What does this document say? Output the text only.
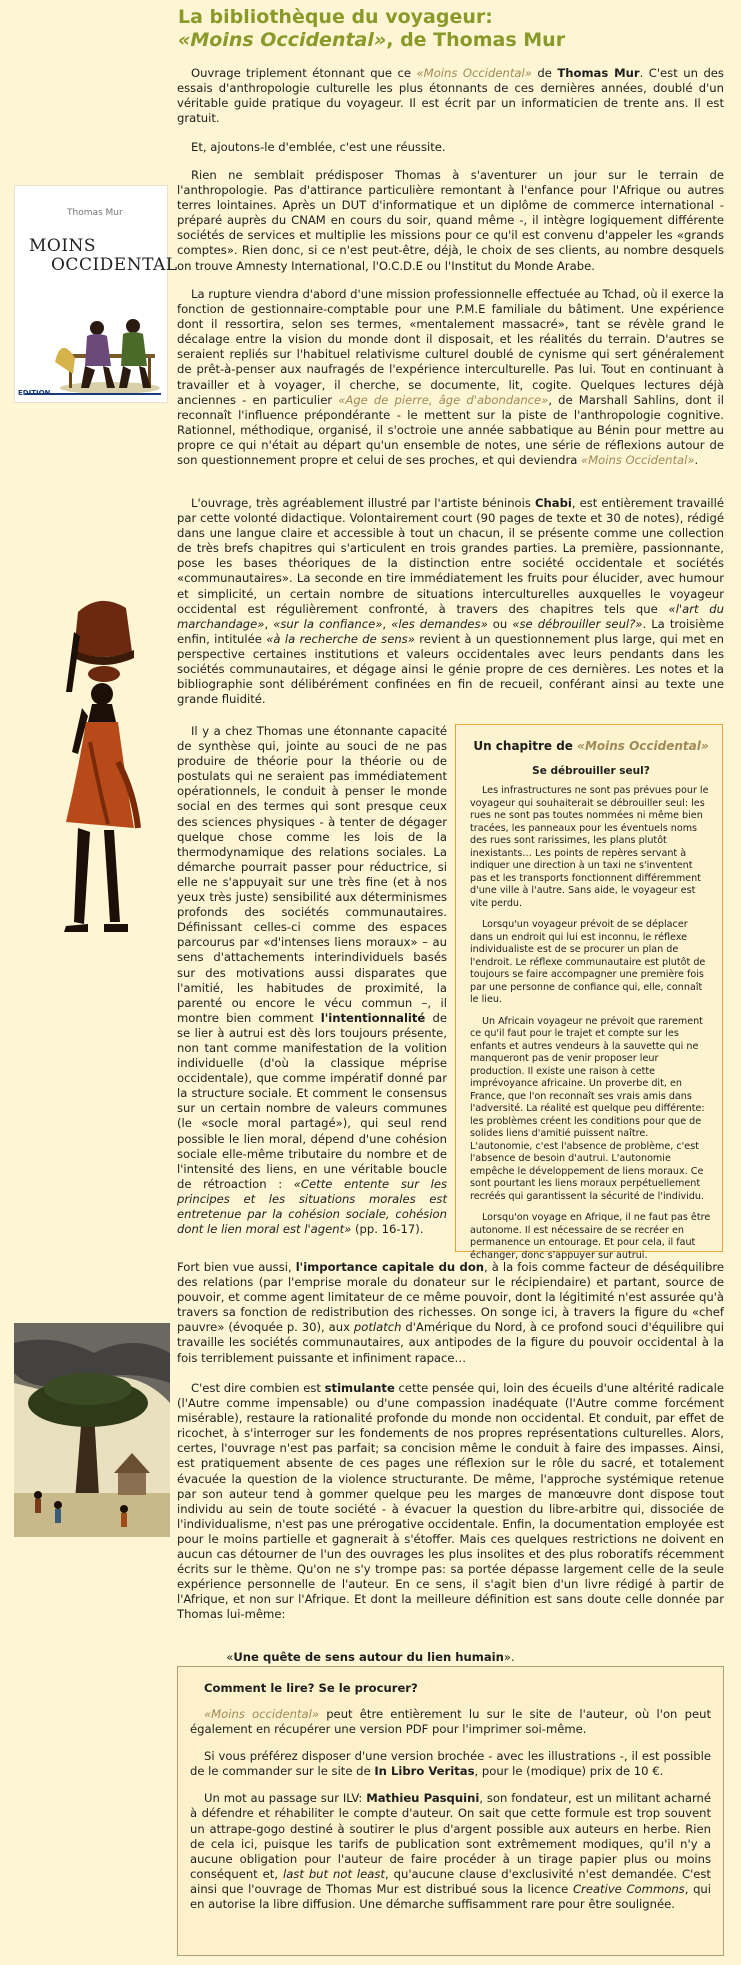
La bibliothèque du voyageur:
«Moins Occidental», de Thomas Mur
Thomas Mur
MOINS
OCCIDENTAL
EDITION

Ouvrage triplement étonnant que ce «Moins Occidental» de Thomas Mur. C'est un des essais d'anthropologie culturelle les plus étonnants de ces dernières années, doublé d'un véritable guide pratique du voyageur. Il est écrit par un informaticien de trente ans. Il est gratuit.

Et, ajoutons-le d'emblée, c'est une réussite.

Rien ne semblait prédisposer Thomas à s'aventurer un jour sur le terrain de l'anthropologie. Pas d'attirance particulière remontant à l'enfance pour l'Afrique ou autres terres lointaines. Après un DUT d'informatique et un diplôme de commerce international - préparé auprès du CNAM en cours du soir, quand même -, il intègre logiquement différente sociétés de services et multiplie les missions pour ce qu'il est convenu d'appeler les «grands comptes». Rien donc, si ce n'est peut-être, déjà, le choix de ses clients, au nombre desquels on trouve Amnesty International, l'O.C.D.E ou l'Institut du Monde Arabe.

La rupture viendra d'abord d'une mission professionnelle effectuée au Tchad, où il exerce la fonction de gestionnaire-comptable pour une P.M.E familiale du bâtiment. Une expérience dont il ressortira, selon ses termes, «mentalement massacré», tant se révèle grand le décalage entre la vision du monde dont il disposait, et les réalités du terrain. D'autres se seraient repliés sur l'habituel relativisme culturel doublé de cynisme qui sert généralement de prêt-à-penser aux naufragés de l'expérience interculturelle. Pas lui. Tout en continuant à travailler et à voyager, il cherche, se documente, lit, cogite. Quelques lectures déjà anciennes - en particulier «Age de pierre, âge d'abondance», de Marshall Sahlins, dont il reconnaît l'influence prépondérante - le mettent sur la piste de l'anthropologie cognitive. Rationnel, méthodique, organisé, il s'octroie une année sabbatique au Bénin pour mettre au propre ce qui n'était au départ qu'un ensemble de notes, une série de réflexions autour de son questionnement propre et celui de ses proches, et qui deviendra «Moins Occidental».

L'ouvrage, très agréablement illustré par l'artiste béninois Chabi, est entièrement travaillé par cette volonté didactique. Volontairement court (90 pages de texte et 30 de notes), rédigé dans une langue claire et accessible à tout un chacun, il se présente comme une collection de très brefs chapitres qui s'articulent en trois grandes parties. La première, passionnante, pose les bases théoriques de la distinction entre société occidentale et sociétés «communautaires». La seconde en tire immédiatement les fruits pour élucider, avec humour et simplicité, un certain nombre de situations interculturelles auxquelles le voyageur occidental est régulièrement confronté, à travers des chapitres tels que «l'art du marchandage», «sur la confiance», «les demandes» ou «se débrouiller seul?». La troisième enfin, intitulée «à la recherche de sens» revient à un questionnement plus large, qui met en perspective certaines institutions et valeurs occidentales avec leurs pendants dans les sociétés communautaires, et dégage ainsi le génie propre de ces dernières. Les notes et la bibliographie sont délibérément confinées en fin de recueil, conférant ainsi au texte une grande fluidité.

Il y a chez Thomas une étonnante capacité de synthèse qui, jointe au souci de ne pas produire de théorie pour la théorie ou de postulats qui ne seraient pas immédiatement opérationnels, le conduit à penser le monde social en des termes qui sont presque ceux des sciences physiques - à tenter de dégager quelque chose comme les lois de la thermodynamique des relations sociales. La démarche pourrait passer pour réductrice, si elle ne s'appuyait sur une très fine (et à nos yeux très juste) sensibilité aux déterminismes profonds des sociétés communautaires. Définissant celles-ci comme des espaces parcourus par «d'intenses liens moraux» – au sens d'attachements interindividuels basés sur des motivations aussi disparates que l'amitié, les habitudes de proximité, la parenté ou encore le vécu commun –, il montre bien comment l'intentionnalité de se lier à autrui est dès lors toujours présente, non tant comme manifestation de la volition individuelle (d'où la classique méprise occidentale), que comme impératif donné par la structure sociale. Et comment le consensus sur un certain nombre de valeurs communes (le «socle moral partagé»), qui seul rend possible le lien moral, dépend d'une cohésion sociale elle-même tributaire du nombre et de l'intensité des liens, en une véritable boucle de rétroaction : «Cette entente sur les principes et les situations morales est entretenue par la cohésion sociale, cohésion dont le lien moral est l'agent» (pp. 16-17).

Fort bien vue aussi, l'importance capitale du don, à la fois comme facteur de déséquilibre des relations (par l'emprise morale du donateur sur le récipiendaire) et partant, source de pouvoir, et comme agent limitateur de ce même pouvoir, dont la légitimité n'est assurée qu'à travers sa fonction de redistribution des richesses. On songe ici, à travers la figure du «chef pauvre» (évoquée p. 30), aux potlatch d'Amérique du Nord, à ce profond souci d'équilibre qui travaille les sociétés communautaires, aux antipodes de la figure du pouvoir occidental à la fois terriblement puissante et infiniment rapace…

Un chapitre de «Moins Occidental»

Se débrouiller seul?

Les infrastructures ne sont pas prévues pour le voyageur qui souhaiterait se débrouiller seul: les rues ne sont pas toutes nommées ni même bien tracées, les panneaux pour les éventuels noms des rues sont rarissimes, les plans plutôt inexistants… Les points de repères servant à indiquer une direction à un taxi ne s'inventent pas et les transports fonctionnent différemment d'une ville à l'autre. Sans aide, le voyageur est vite perdu.

Lorsqu'un voyageur prévoit de se déplacer dans un endroit qui lui est inconnu, le réflexe individualiste est de se procurer un plan de l'endroit. Le réflexe communautaire est plutôt de toujours se faire accompagner une première fois par une personne de confiance qui, elle, connaît le lieu.

Un Africain voyageur ne prévoit que rarement ce qu'il faut pour le trajet et compte sur les enfants et autres vendeurs à la sauvette qui ne manqueront pas de venir proposer leur production. Il existe une raison à cette imprévoyance africaine. Un proverbe dit, en France, que l'on reconnaît ses vrais amis dans l'adversité. La réalité est quelque peu différente: les problèmes créent les conditions pour que de solides liens d'amitié puissent naître. L'autonomie, c'est l'absence de problème, c'est l'absence de besoin d'autrui. L'autonomie empêche le développement de liens moraux. Ce sont pourtant les liens moraux perpétuellement recréés qui garantissent la sécurité de l'individu.

Lorsqu'on voyage en Afrique, il ne faut pas être autonome. Il est nécessaire de se recréer en permanence un entourage. Et pour cela, il faut échanger, donc s'appuyer sur autrui.

C'est dire combien est stimulante cette pensée qui, loin des écueils d'une altérité radicale (l'Autre comme impensable) ou d'une compassion inadéquate (l'Autre comme forcément misérable), restaure la rationalité profonde du monde non occidental. Et conduit, par effet de ricochet, à s'interroger sur les fondements de nos propres représentations culturelles. Alors, certes, l'ouvrage n'est pas parfait; sa concision même le conduit à faire des impasses. Ainsi, est pratiquement absente de ces pages une réflexion sur le rôle du sacré, et totalement évacuée la question de la violence structurante. De même, l'approche systémique retenue par son auteur tend à gommer quelque peu les marges de manœuvre dont dispose tout individu au sein de toute société - à évacuer la question du libre-arbitre qui, dissociée de l'individualisme, n'est pas une prérogative occidentale. Enfin, la documentation employée est pour le moins partielle et gagnerait à s'étoffer. Mais ces quelques restrictions ne doivent en aucun cas détourner de l'un des ouvrages les plus insolites et des plus roboratifs récemment écrits sur le thème. Qu'on ne s'y trompe pas: sa portée dépasse largement celle de la seule expérience personnelle de l'auteur. En ce sens, il s'agit bien d'un livre rédigé à partir de l'Afrique, et non sur l'Afrique. Et dont la meilleure définition est sans doute celle donnée par Thomas lui-même:

«Une quête de sens autour du lien humain».

Comment le lire? Se le procurer?

«Moins occidental» peut être entièrement lu sur le site de l'auteur, où l'on peut également en récupérer une version PDF pour l'imprimer soi-même.

Si vous préférez disposer d'une version brochée - avec les illustrations -, il est possible de le commander sur le site de In Libro Veritas, pour le (modique) prix de 10 €.

Un mot au passage sur ILV: Mathieu Pasquini, son fondateur, est un militant acharné à défendre et réhabiliter le compte d'auteur. On sait que cette formule est trop souvent un attrape-gogo destiné à soutirer le plus d'argent possible aux auteurs en herbe. Rien de cela ici, puisque les tarifs de publication sont extrêmement modiques, qu'il n'y a aucune obligation pour l'auteur de faire procéder à un tirage papier plus ou moins conséquent et, last but not least, qu'aucune clause d'exclusivité n'est demandée. C'est ainsi que l'ouvrage de Thomas Mur est distribué sous la licence Creative Commons, qui en autorise la libre diffusion. Une démarche suffisamment rare pour être soulignée.
